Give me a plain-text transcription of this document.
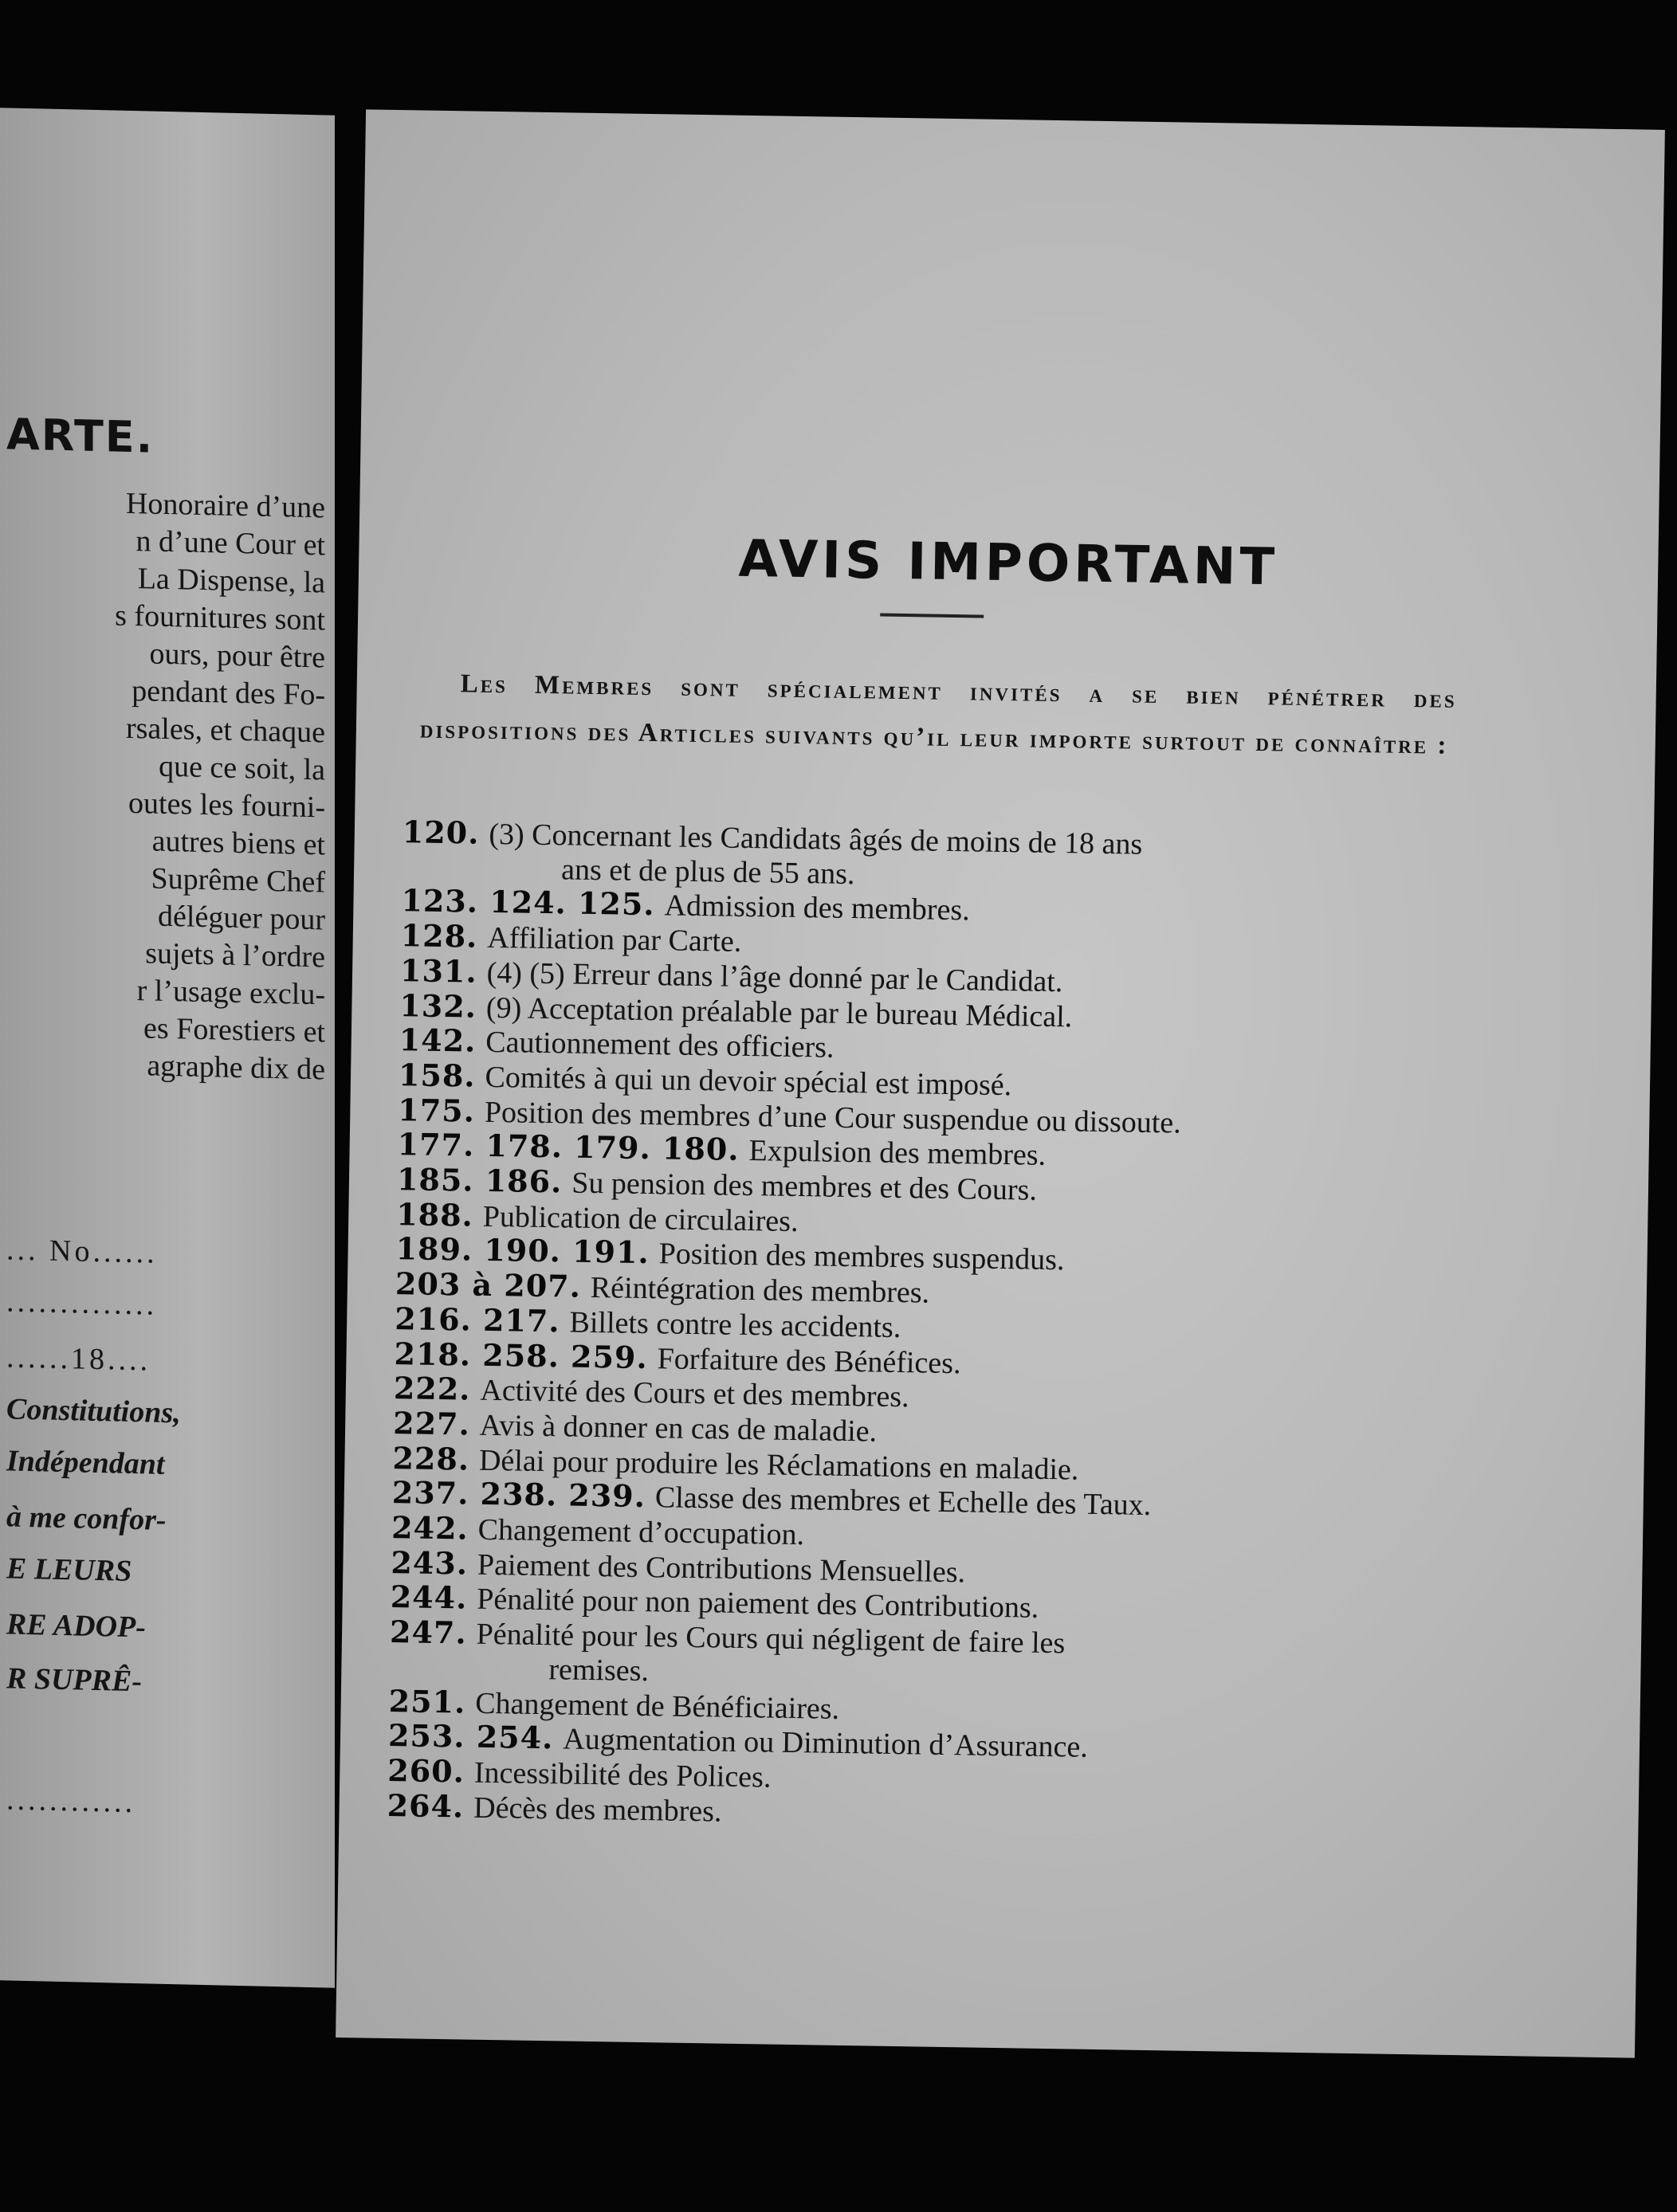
ARTE.
Honoraire d’une
n d’une Cour et
La Dispense, la
s fournitures sont
ours, pour être
pendant des Fo-
rsales, et chaque
que ce soit, la
outes les fourni-
autres biens et
Suprême Chef
déléguer pour
sujets à l’ordre
r l’usage exclu-
es Forestiers et
agraphe dix de
... No......
..............
......18....
Constitutions,
Indépendant
à me confor-
E LEURS
RE ADOP-
R SUPRÊ-
............
AVIS IMPORTANT
Les Membres sont spécialement invités a se bien pénétrer des dispositions des Articles suivants qu’il leur importe surtout de connaître :
120. (3) Concernant les Candidats âgés de moins de 18 ans
ans et de plus de 55 ans.
123. 124. 125. Admission des membres.
128. Affiliation par Carte.
131. (4) (5) Erreur dans l’âge donné par le Candidat.
132. (9) Acceptation préalable par le bureau Médical.
142. Cautionnement des officiers.
158. Comités à qui un devoir spécial est imposé.
175. Position des membres d’une Cour suspendue ou dissoute.
177. 178. 179. 180. Expulsion des membres.
185. 186. Su pension des membres et des Cours.
188. Publication de circulaires.
189. 190. 191. Position des membres suspendus.
203 à 207. Réintégration des membres.
216. 217. Billets contre les accidents.
218. 258. 259. Forfaiture des Bénéfices.
222. Activité des Cours et des membres.
227. Avis à donner en cas de maladie.
228. Délai pour produire les Réclamations en maladie.
237. 238. 239. Classe des membres et Echelle des Taux.
242. Changement d’occupation.
243. Paiement des Contributions Mensuelles.
244. Pénalité pour non paiement des Contributions.
247. Pénalité pour les Cours qui négligent de faire les
remises.
251. Changement de Bénéficiaires.
253. 254. Augmentation ou Diminution d’Assurance.
260. Incessibilité des Polices.
264. Décès des membres.
